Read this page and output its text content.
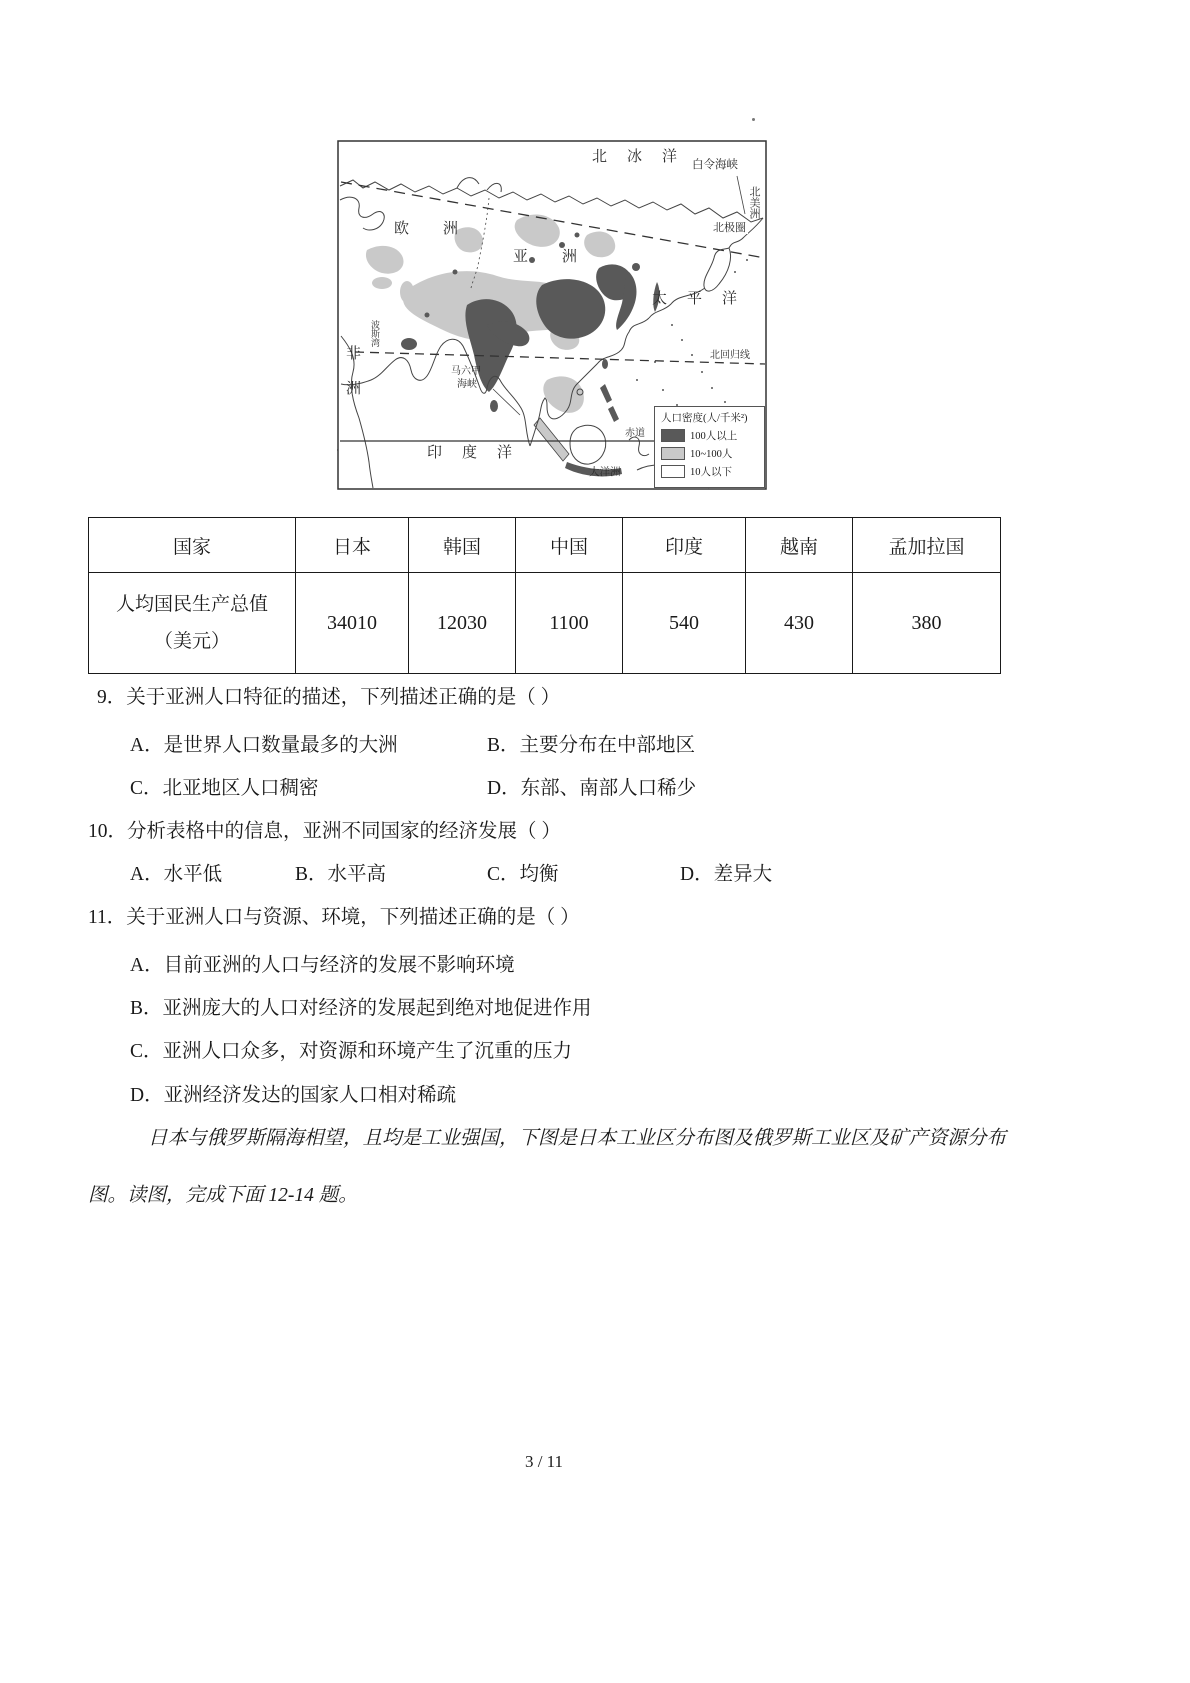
北冰洋
白令海峡
北美洲
北极圈
欧洲
亚洲
太平洋
非洲
波斯湾
马六甲
海峡
北回归线
赤道
印度洋
大洋洲
人口密度(人/千米²)
100人以上
10~100人
10人以下
国家	日本	韩国	中国	印度	越南	孟加拉国

人均国民生产总值
（美元）	34010	12030	1100	540	430	380
9．关于亚洲人口特征的描述，下列描述正确的是（ ）
A．是世界人口数量最多的大洲	B．主要分布在中部地区
C．北亚地区人口稠密	D．东部、南部人口稀少
10．分析表格中的信息，亚洲不同国家的经济发展（ ）
A．水平低	B．水平高	C．均衡	D．差异大
11．关于亚洲人口与资源、环境，下列描述正确的是（ ）
A．目前亚洲的人口与经济的发展不影响环境
B．亚洲庞大的人口对经济的发展起到绝对地促进作用
C．亚洲人口众多，对资源和环境产生了沉重的压力
D．亚洲经济发达的国家人口相对稀疏
日本与俄罗斯隔海相望，且均是工业强国，下图是日本工业区分布图及俄罗斯工业区及矿产资源分布
图。读图，完成下面 12-14 题。
3 / 11
